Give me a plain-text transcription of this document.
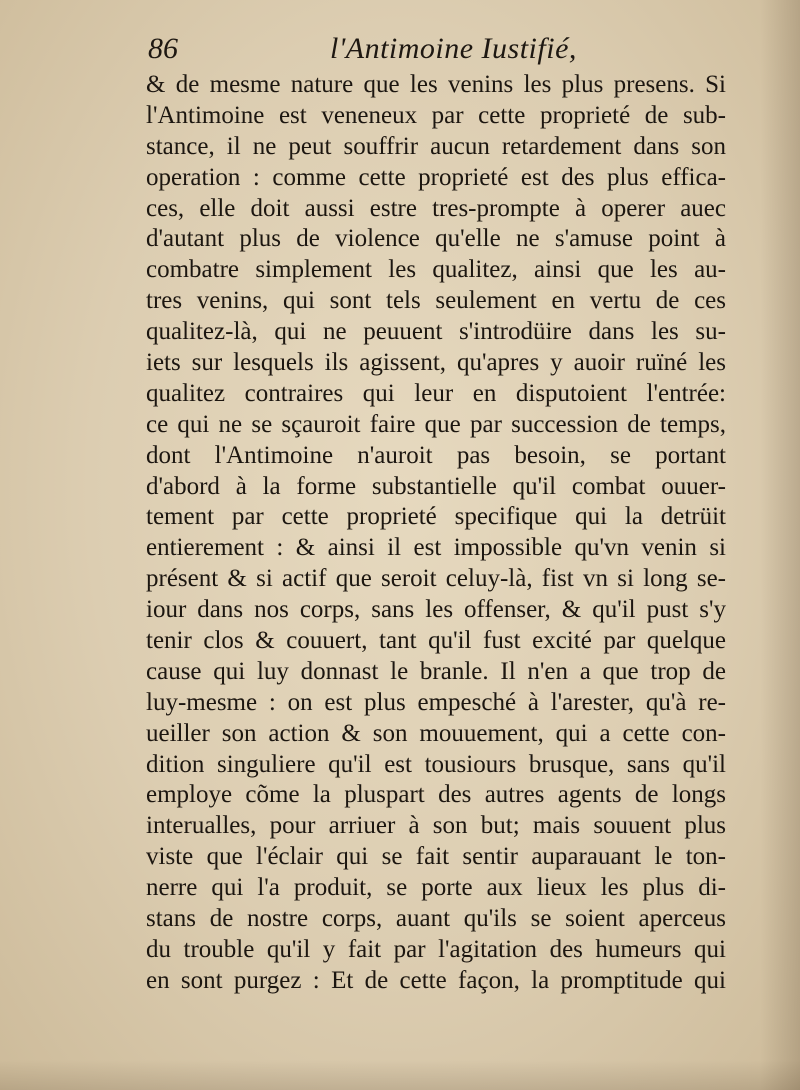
86	l'Antimoine Iustifié,
& de mesme nature que les venins les plus presens. Si
l'Antimoine est veneneux par cette proprieté de sub-
stance, il ne peut souffrir aucun retardement dans son
operation : comme cette proprieté est des plus effica-
ces, elle doit aussi estre tres-prompte à operer auec
d'autant plus de violence qu'elle ne s'amuse point à
combatre simplement les qualitez, ainsi que les au-
tres venins, qui sont tels seulement en vertu de ces
qualitez-là, qui ne peuuent s'introdüire dans les su-
iets sur lesquels ils agissent, qu'apres y auoir ruïné les
qualitez contraires qui leur en disputoient l'entrée:
ce qui ne se sçauroit faire que par succession de temps,
dont l'Antimoine n'auroit pas besoin, se portant
d'abord à la forme substantielle qu'il combat ouuer-
tement par cette proprieté specifique qui la detrüit
entierement : & ainsi il est impossible qu'vn venin si
présent & si actif que seroit celuy-là, fist vn si long se-
iour dans nos corps, sans les offenser, & qu'il pust s'y
tenir clos & couuert, tant qu'il fust excité par quelque
cause qui luy donnast le branle. Il n'en a que trop de
luy-mesme : on est plus empesché à l'arester, qu'à re-
ueiller son action & son mouuement, qui a cette con-
dition singuliere qu'il est tousiours brusque, sans qu'il
employe cõme la pluspart des autres agents de longs
interualles, pour arriuer à son but; mais souuent plus
viste que l'éclair qui se fait sentir auparauant le ton-
nerre qui l'a produit, se porte aux lieux les plus di-
stans de nostre corps, auant qu'ils se soient aperceus
du trouble qu'il y fait par l'agitation des humeurs qui
en sont purgez : Et de cette façon, la promptitude qui
